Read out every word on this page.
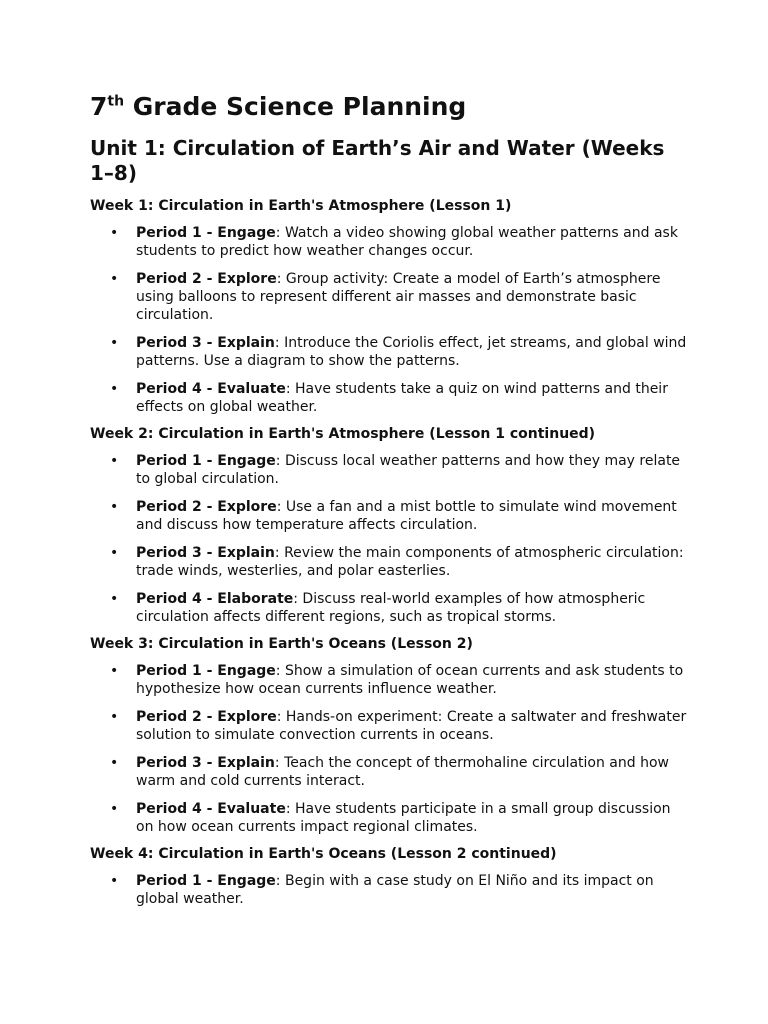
7th Grade Science Planning
Unit 1: Circulation of Earth’s Air and Water (Weeks 1–8)
Week 1: Circulation in Earth's Atmosphere (Lesson 1)
• Period 1 - Engage: Watch a video showing global weather patterns and ask students to predict how weather changes occur.
• Period 2 - Explore: Group activity: Create a model of Earth’s atmosphere using balloons to represent different air masses and demonstrate basic circulation.
• Period 3 - Explain: Introduce the Coriolis effect, jet streams, and global wind patterns. Use a diagram to show the patterns.
• Period 4 - Evaluate: Have students take a quiz on wind patterns and their effects on global weather.
Week 2: Circulation in Earth's Atmosphere (Lesson 1 continued)
• Period 1 - Engage: Discuss local weather patterns and how they may relate to global circulation.
• Period 2 - Explore: Use a fan and a mist bottle to simulate wind movement and discuss how temperature affects circulation.
• Period 3 - Explain: Review the main components of atmospheric circulation: trade winds, westerlies, and polar easterlies.
• Period 4 - Elaborate: Discuss real-world examples of how atmospheric circulation affects different regions, such as tropical storms.
Week 3: Circulation in Earth's Oceans (Lesson 2)
• Period 1 - Engage: Show a simulation of ocean currents and ask students to hypothesize how ocean currents influence weather.
• Period 2 - Explore: Hands-on experiment: Create a saltwater and freshwater solution to simulate convection currents in oceans.
• Period 3 - Explain: Teach the concept of thermohaline circulation and how warm and cold currents interact.
• Period 4 - Evaluate: Have students participate in a small group discussion on how ocean currents impact regional climates.
Week 4: Circulation in Earth's Oceans (Lesson 2 continued)
• Period 1 - Engage: Begin with a case study on El Niño and its impact on global weather.
